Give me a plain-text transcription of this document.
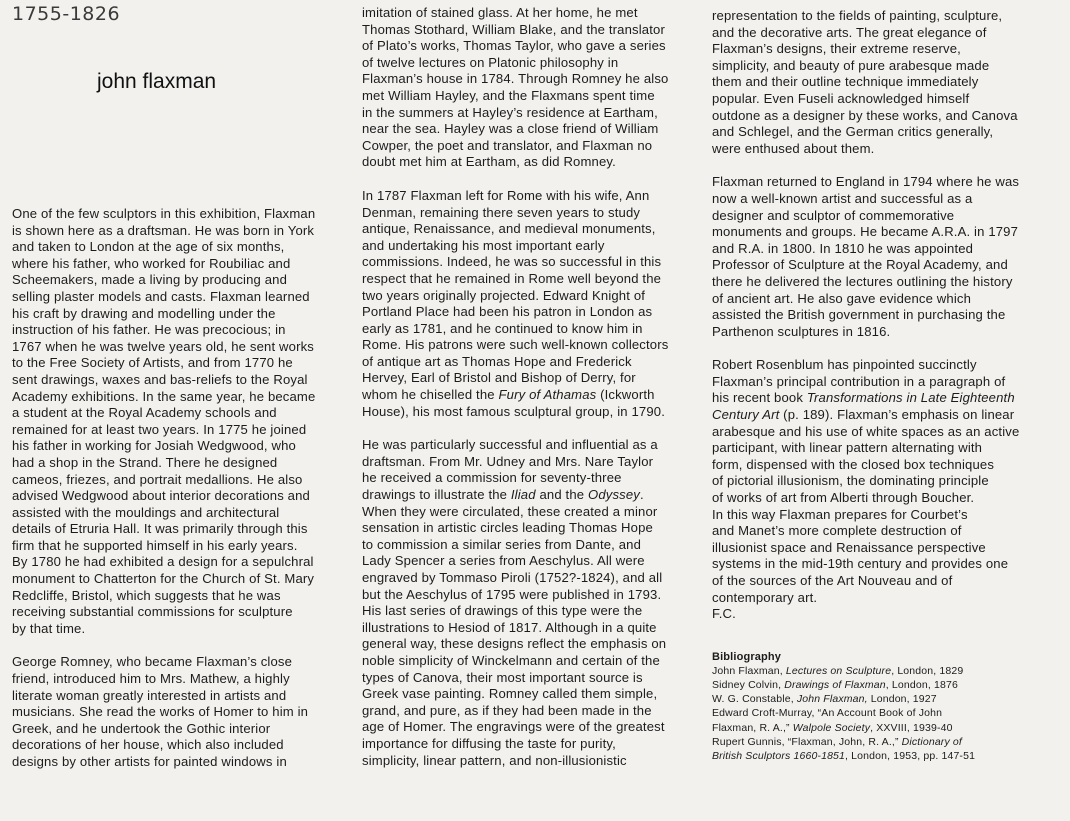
1755-1826
john flaxman
One of the few sculptors in this exhibition, Flaxman
is shown here as a draftsman. He was born in York
and taken to London at the age of six months,
where his father, who worked for Roubiliac and
Scheemakers, made a living by producing and
selling plaster models and casts. Flaxman learned
his craft by drawing and modelling under the
instruction of his father. He was precocious; in
1767 when he was twelve years old, he sent works
to the Free Society of Artists, and from 1770 he
sent drawings, waxes and bas-reliefs to the Royal
Academy exhibitions. In the same year, he became
a student at the Royal Academy schools and
remained for at least two years. In 1775 he joined
his father in working for Josiah Wedgwood, who
had a shop in the Strand. There he designed
cameos, friezes, and portrait medallions. He also
advised Wedgwood about interior decorations and
assisted with the mouldings and architectural
details of Etruria Hall. It was primarily through this
firm that he supported himself in his early years.
By 1780 he had exhibited a design for a sepulchral
monument to Chatterton for the Church of St. Mary
Redcliffe, Bristol, which suggests that he was
receiving substantial commissions for sculpture
by that time.
George Romney, who became Flaxman’s close
friend, introduced him to Mrs. Mathew, a highly
literate woman greatly interested in artists and
musicians. She read the works of Homer to him in
Greek, and he undertook the Gothic interior
decorations of her house, which also included
designs by other artists for painted windows in
imitation of stained glass. At her home, he met
Thomas Stothard, William Blake, and the translator
of Plato’s works, Thomas Taylor, who gave a series
of twelve lectures on Platonic philosophy in
Flaxman’s house in 1784. Through Romney he also
met William Hayley, and the Flaxmans spent time
in the summers at Hayley’s residence at Eartham,
near the sea. Hayley was a close friend of William
Cowper, the poet and translator, and Flaxman no
doubt met him at Eartham, as did Romney.
In 1787 Flaxman left for Rome with his wife, Ann
Denman, remaining there seven years to study
antique, Renaissance, and medieval monuments,
and undertaking his most important early
commissions. Indeed, he was so successful in this
respect that he remained in Rome well beyond the
two years originally projected. Edward Knight of
Portland Place had been his patron in London as
early as 1781, and he continued to know him in
Rome. His patrons were such well-known collectors
of antique art as Thomas Hope and Frederick
Hervey, Earl of Bristol and Bishop of Derry, for
whom he chiselled the Fury of Athamas (Ickworth
House), his most famous sculptural group, in 1790.
He was particularly successful and influential as a
draftsman. From Mr. Udney and Mrs. Nare Taylor
he received a commission for seventy-three
drawings to illustrate the Iliad and the Odyssey.
When they were circulated, these created a minor
sensation in artistic circles leading Thomas Hope
to commission a similar series from Dante, and
Lady Spencer a series from Aeschylus. All were
engraved by Tommaso Piroli (1752?-1824), and all
but the Aeschylus of 1795 were published in 1793.
His last series of drawings of this type were the
illustrations to Hesiod of 1817. Although in a quite
general way, these designs reflect the emphasis on
noble simplicity of Winckelmann and certain of the
types of Canova, their most important source is
Greek vase painting. Romney called them simple,
grand, and pure, as if they had been made in the
age of Homer. The engravings were of the greatest
importance for diffusing the taste for purity,
simplicity, linear pattern, and non-illusionistic
representation to the fields of painting, sculpture,
and the decorative arts. The great elegance of
Flaxman’s designs, their extreme reserve,
simplicity, and beauty of pure arabesque made
them and their outline technique immediately
popular. Even Fuseli acknowledged himself
outdone as a designer by these works, and Canova
and Schlegel, and the German critics generally,
were enthused about them.
Flaxman returned to England in 1794 where he was
now a well-known artist and successful as a
designer and sculptor of commemorative
monuments and groups. He became A.R.A. in 1797
and R.A. in 1800. In 1810 he was appointed
Professor of Sculpture at the Royal Academy, and
there he delivered the lectures outlining the history
of ancient art. He also gave evidence which
assisted the British government in purchasing the
Parthenon sculptures in 1816.
Robert Rosenblum has pinpointed succinctly
Flaxman’s principal contribution in a paragraph of
his recent book Transformations in Late Eighteenth
Century Art (p. 189). Flaxman’s emphasis on linear
arabesque and his use of white spaces as an active
participant, with linear pattern alternating with
form, dispensed with the closed box techniques
of pictorial illusionism, the dominating principle
of works of art from Alberti through Boucher.
In this way Flaxman prepares for Courbet’s
and Manet’s more complete destruction of
illusionist space and Renaissance perspective
systems in the mid-19th century and provides one
of the sources of the Art Nouveau and of
contemporary art.
F.C.
Bibliography
John Flaxman, Lectures on Sculpture, London, 1829
Sidney Colvin, Drawings of Flaxman, London, 1876
W. G. Constable, John Flaxman, London, 1927
Edward Croft-Murray, “An Account Book of John
Flaxman, R. A.,” Walpole Society, XXVIII, 1939-40
Rupert Gunnis, “Flaxman, John, R. A.,” Dictionary of
British Sculptors 1660-1851, London, 1953, pp. 147-51
